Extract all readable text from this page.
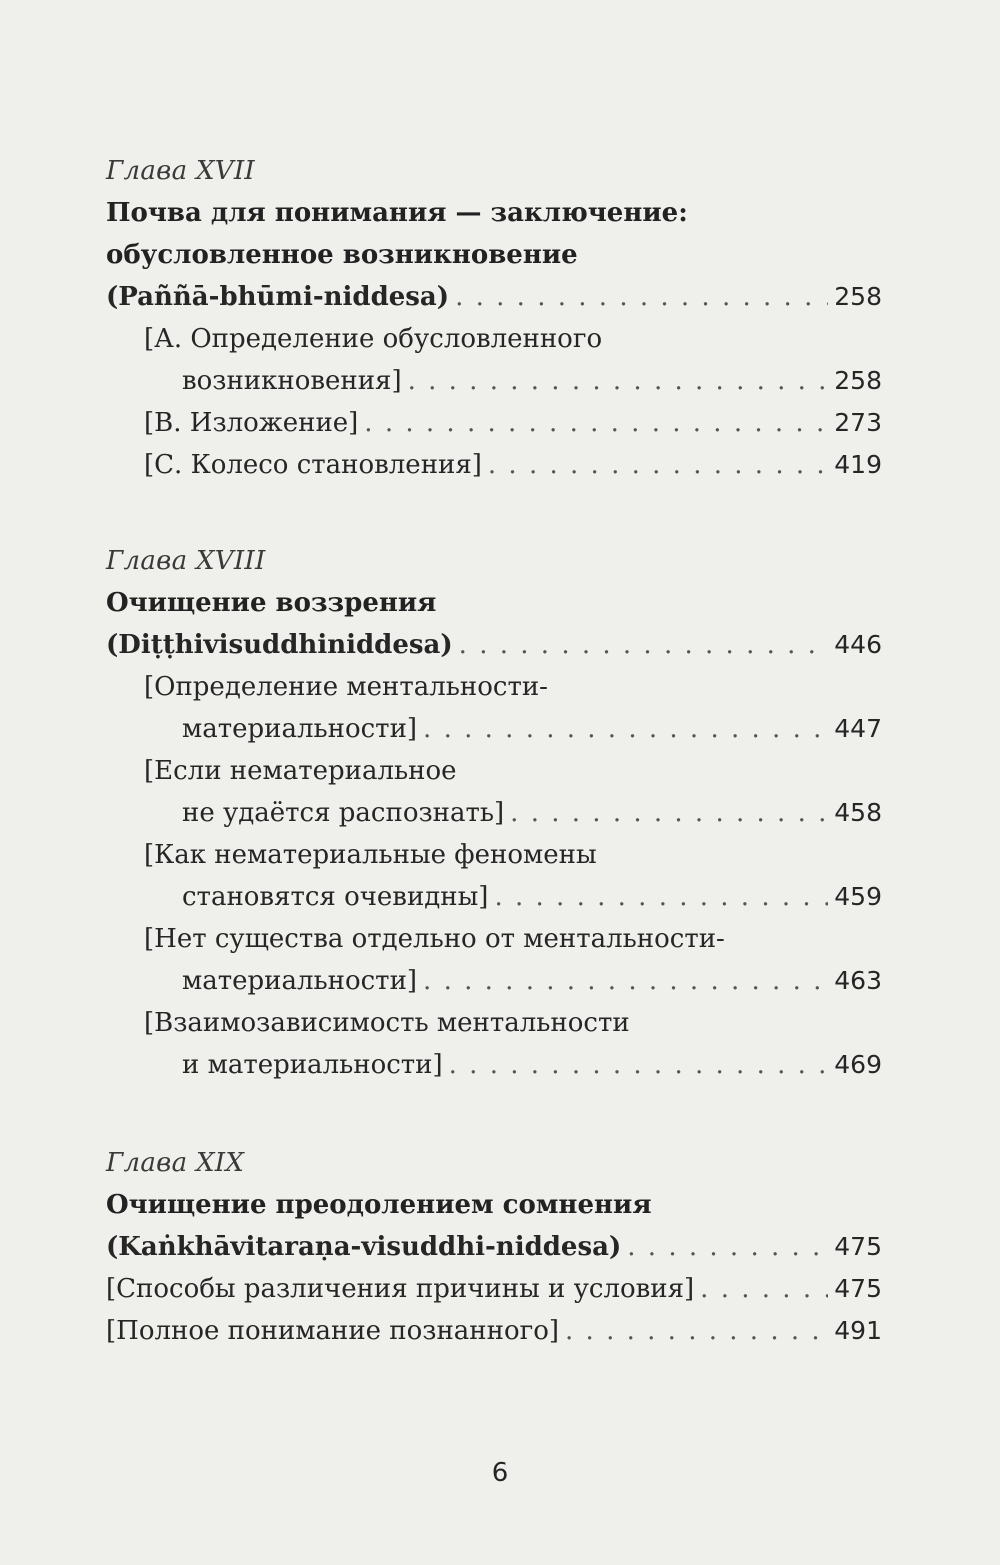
Глава XVII
Почва для понимания — заключение:
обусловленное возникновение
(Paññā-bhūmi-niddesa) . . .	258
[А. Определение обусловленного
возникновения] . . .	258
[В. Изложение] . . .	273
[С. Колесо становления] . . .	419
Глава XVIII
Очищение воззрения
(Diṭṭhivisuddhiniddesa) . . .	446
[Определение ментальности-
материальности] . . .	447
[Если нематериальное
не удаётся распознать] . . .	458
[Как нематериальные феномены
становятся очевидны] . . .	459
[Нет существа отдельно от ментальности-
материальности] . . .	463
[Взаимозависимость ментальности
и материальности] . . .	469
Глава XIX
Очищение преодолением сомнения
(Kaṅkhāvitaraṇa-visuddhi-niddesa) . . .	475
[Способы различения причины и условия] . . .	475
[Полное понимание познанного] . . .	491
6
